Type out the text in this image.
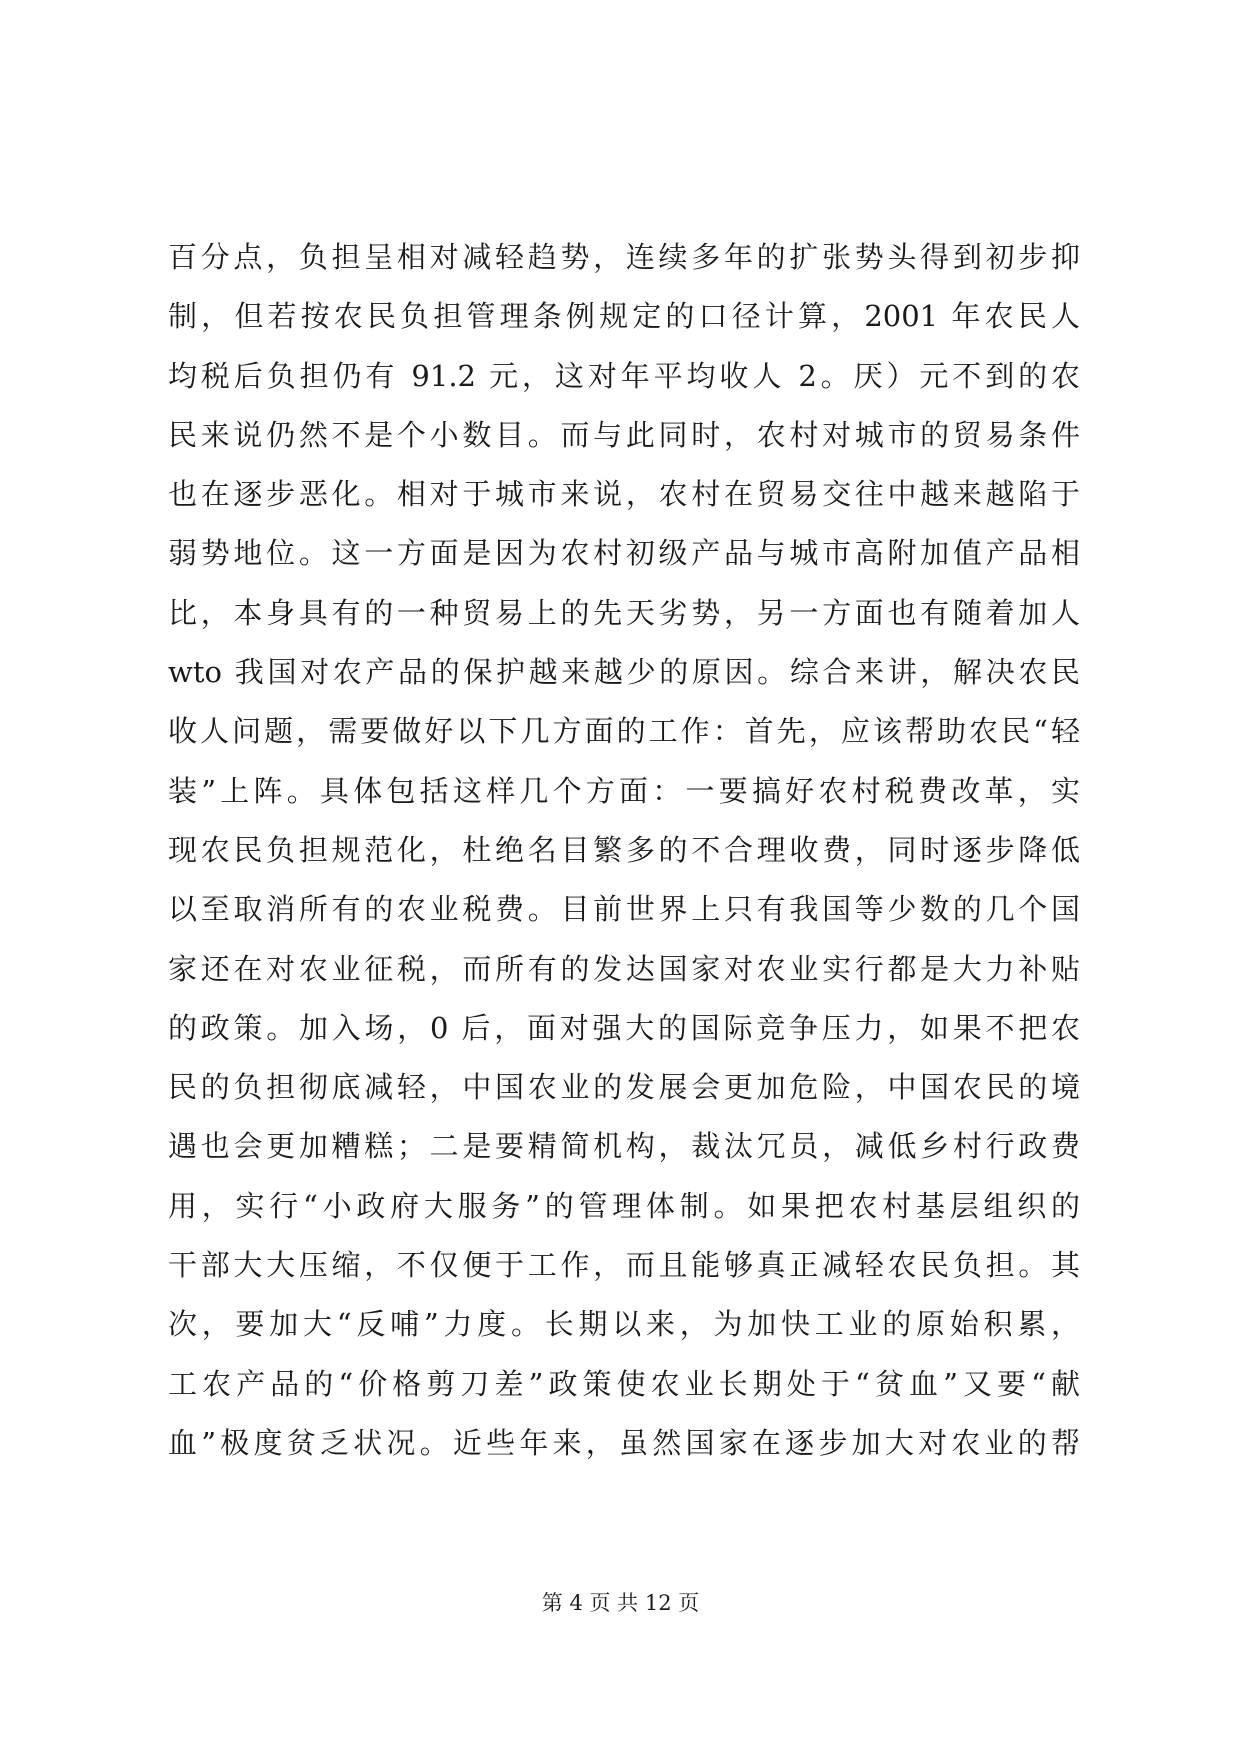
百分点，负担呈相对减轻趋势，连续多年的扩张势头得到初步抑
制，但若按农民负担管理条例规定的口径计算，2001 年农民人
均税后负担仍有 91.2 元，这对年平均收人 2。厌）元不到的农
民来说仍然不是个小数目。而与此同时，农村对城市的贸易条件
也在逐步恶化。相对于城市来说，农村在贸易交往中越来越陷于
弱势地位。这一方面是因为农村初级产品与城市高附加值产品相
比，本身具有的一种贸易上的先天劣势，另一方面也有随着加人
wto 我国对农产品的保护越来越少的原因。综合来讲，解决农民
收人问题，需要做好以下几方面的工作：首先，应该帮助农民“轻
装”上阵。具体包括这样几个方面：一要搞好农村税费改革，实
现农民负担规范化，杜绝名目繁多的不合理收费，同时逐步降低
以至取消所有的农业税费。目前世界上只有我国等少数的几个国
家还在对农业征税，而所有的发达国家对农业实行都是大力补贴
的政策。加入场，0 后，面对强大的国际竞争压力，如果不把农
民的负担彻底减轻，中国农业的发展会更加危险，中国农民的境
遇也会更加糟糕；二是要精简机构，裁汰冗员，减低乡村行政费
用，实行“小政府大服务”的管理体制。如果把农村基层组织的
干部大大压缩，不仅便于工作，而且能够真正减轻农民负担。其
次，要加大“反哺”力度。长期以来，为加快工业的原始积累，
工农产品的“价格剪刀差”政策使农业长期处于“贫血”又要“献
血”极度贫乏状况。近些年来，虽然国家在逐步加大对农业的帮
第 4 页 共 12 页
